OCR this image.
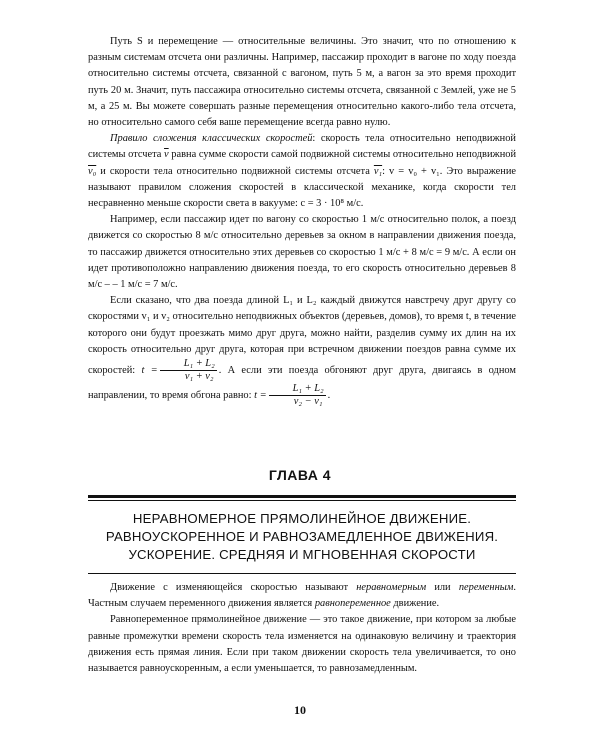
Путь S и перемещение — относительные величины. Это значит, что по отношению к разным системам отсчета они различны. Например, пассажир проходит в вагоне по ходу поезда относительно системы отсчета, связанной с вагоном, путь 5 м, а вагон за это время проходит путь 20 м. Значит, путь пассажира относительно системы отсчета, связанной с Землей, уже не 5 м, а 25 м. Вы можете совершать разные перемещения относительно какого-либо тела отсчета, но относительно самого себя ваше перемещение всегда равно нулю.

Правило сложения классических скоростей: скорость тела относительно неподвижной системы отсчета $\overline{v}$ равна сумме скорости самой подвижной системы относительно неподвижной v₀ и скорости тела относительно подвижной системы отсчета v₁: v = v₀ + v₁. Это выражение называют правилом сложения скоростей в классической механике, когда скорости тел несравненно меньше скорости света в вакууме: c = 3 · 10⁸ м/с.

Например, если пассажир идет по вагону со скоростью 1 м/с относительно полок, а поезд движется со скоростью 8 м/с относительно деревьев за окном в направлении движения поезда, то пассажир движется относительно этих деревьев со скоростью 1 м/с + 8 м/с = 9 м/с. А если он идет противоположно направлению движения поезда, то его скорость относительно деревьев 8 м/с – – 1 м/с = 7 м/с.

Если сказано, что два поезда длиной L₁ и L₂ каждый движутся навстречу друг другу со скоростями v₁ и v₂ относительно неподвижных объектов (деревьев, домов), то время t, в течение которого они будут проезжать мимо друг друга, можно найти, разделив сумму их длин на их скорость относительно друг друга, которая при встречном движении поездов равна сумме их скоростей: $t = \frac{\text{L₁ + L₂}}{\text{v₁ + v₂}}$ . А если эти поезда обгоняют друг друга, двигаясь в одном направлении, то время обгона равно: $t = \frac{\text{L₁ + L₂}}{\text{v₂ − v₁}}$ .

ГЛАВА 4
НЕРАВНОМЕРНОЕ ПРЯМОЛИНЕЙНОЕ ДВИЖЕНИЕ. РАВНОУСКОРЕННОЕ И РАВНОЗАМЕДЛЕННОЕ ДВИЖЕНИЯ. УСКОРЕНИЕ. СРЕДНЯЯ И МГНОВЕННАЯ СКОРОСТИ

Движение с изменяющейся скоростью называют неравномерным или переменным. Частным случаем переменного движения является равнопеременное движение.

Равнопеременное прямолинейное движение — это такое движение, при котором за любые равные промежутки времени скорость тела изменяется на одинаковую величину и траектория движения есть прямая линия. Если при таком движении скорость тела увеличивается, то оно называется равноускоренным, а если уменьшается, то равнозамедленным.

10
